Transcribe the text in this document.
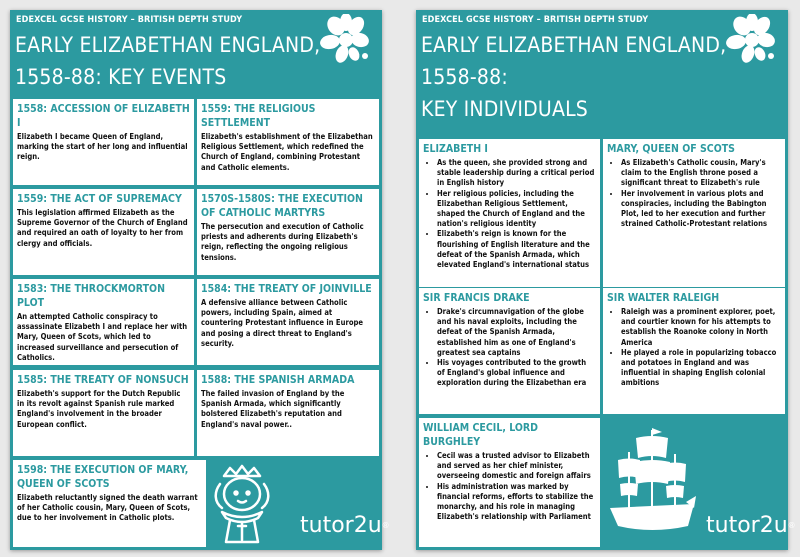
EDEXCEL GCSE HISTORY – BRITISH DEPTH STUDY
EARLY ELIZABETHAN ENGLAND,
1558-88: KEY EVENTS
1558: ACCESSION OF ELIZABETH I
Elizabeth I became Queen of England, marking the start of her long and influential reign.
1559: THE RELIGIOUS SETTLEMENT
Elizabeth's establishment of the Elizabethan Religious Settlement, which redefined the Church of England, combining Protestant and Catholic elements.
1559: THE ACT OF SUPREMACY
This legislation affirmed Elizabeth as the Supreme Governor of the Church of England and required an oath of loyalty to her from clergy and officials.
1570S-1580S: THE EXECUTION OF CATHOLIC MARTYRS
The persecution and execution of Catholic priests and adherents during Elizabeth's reign, reflecting the ongoing religious tensions.
1583: THE THROCKMORTON PLOT
An attempted Catholic conspiracy to assassinate Elizabeth I and replace her with Mary, Queen of Scots, which led to increased surveillance and persecution of Catholics.
1584: THE TREATY OF JOINVILLE
A defensive alliance between Catholic powers, including Spain, aimed at countering Protestant influence in Europe and posing a direct threat to England's security.
1585: THE TREATY OF NONSUCH
Elizabeth's support for the Dutch Republic in its revolt against Spanish rule marked England's involvement in the broader European conflict.
1588: THE SPANISH ARMADA
The failed invasion of England by the Spanish Armada, which significantly bolstered Elizabeth's reputation and England's naval power..
1598: THE EXECUTION OF MARY, QUEEN OF SCOTS
Elizabeth reluctantly signed the death warrant of her Catholic cousin, Mary, Queen of Scots, due to her involvement in Catholic plots.	tutor2u®
EDEXCEL GCSE HISTORY – BRITISH DEPTH STUDY
EARLY ELIZABETHAN ENGLAND,
1558-88:
KEY INDIVIDUALS
ELIZABETH I
• As the queen, she provided strong and stable leadership during a critical period in English history
• Her religious policies, including the Elizabethan Religious Settlement, shaped the Church of England and the nation's religious identity
• Elizabeth's reign is known for the flourishing of English literature and the defeat of the Spanish Armada, which elevated England's international status
MARY, QUEEN OF SCOTS
• As Elizabeth's Catholic cousin, Mary's claim to the English throne posed a significant threat to Elizabeth's rule
• Her involvement in various plots and conspiracies, including the Babington Plot, led to her execution and further strained Catholic-Protestant relations
SIR FRANCIS DRAKE
• Drake's circumnavigation of the globe and his naval exploits, including the defeat of the Spanish Armada, established him as one of England's greatest sea captains
• His voyages contributed to the growth of England's global influence and exploration during the Elizabethan era
SIR WALTER RALEIGH
• Raleigh was a prominent explorer, poet, and courtier known for his attempts to establish the Roanoke colony in North America
• He played a role in popularizing tobacco and potatoes in England and was influential in shaping English colonial ambitions
WILLIAM CECIL, LORD BURGHLEY
• Cecil was a trusted advisor to Elizabeth and served as her chief minister, overseeing domestic and foreign affairs
• His administration was marked by financial reforms, efforts to stabilize the monarchy, and his role in managing Elizabeth's relationship with Parliament	tutor2u®
